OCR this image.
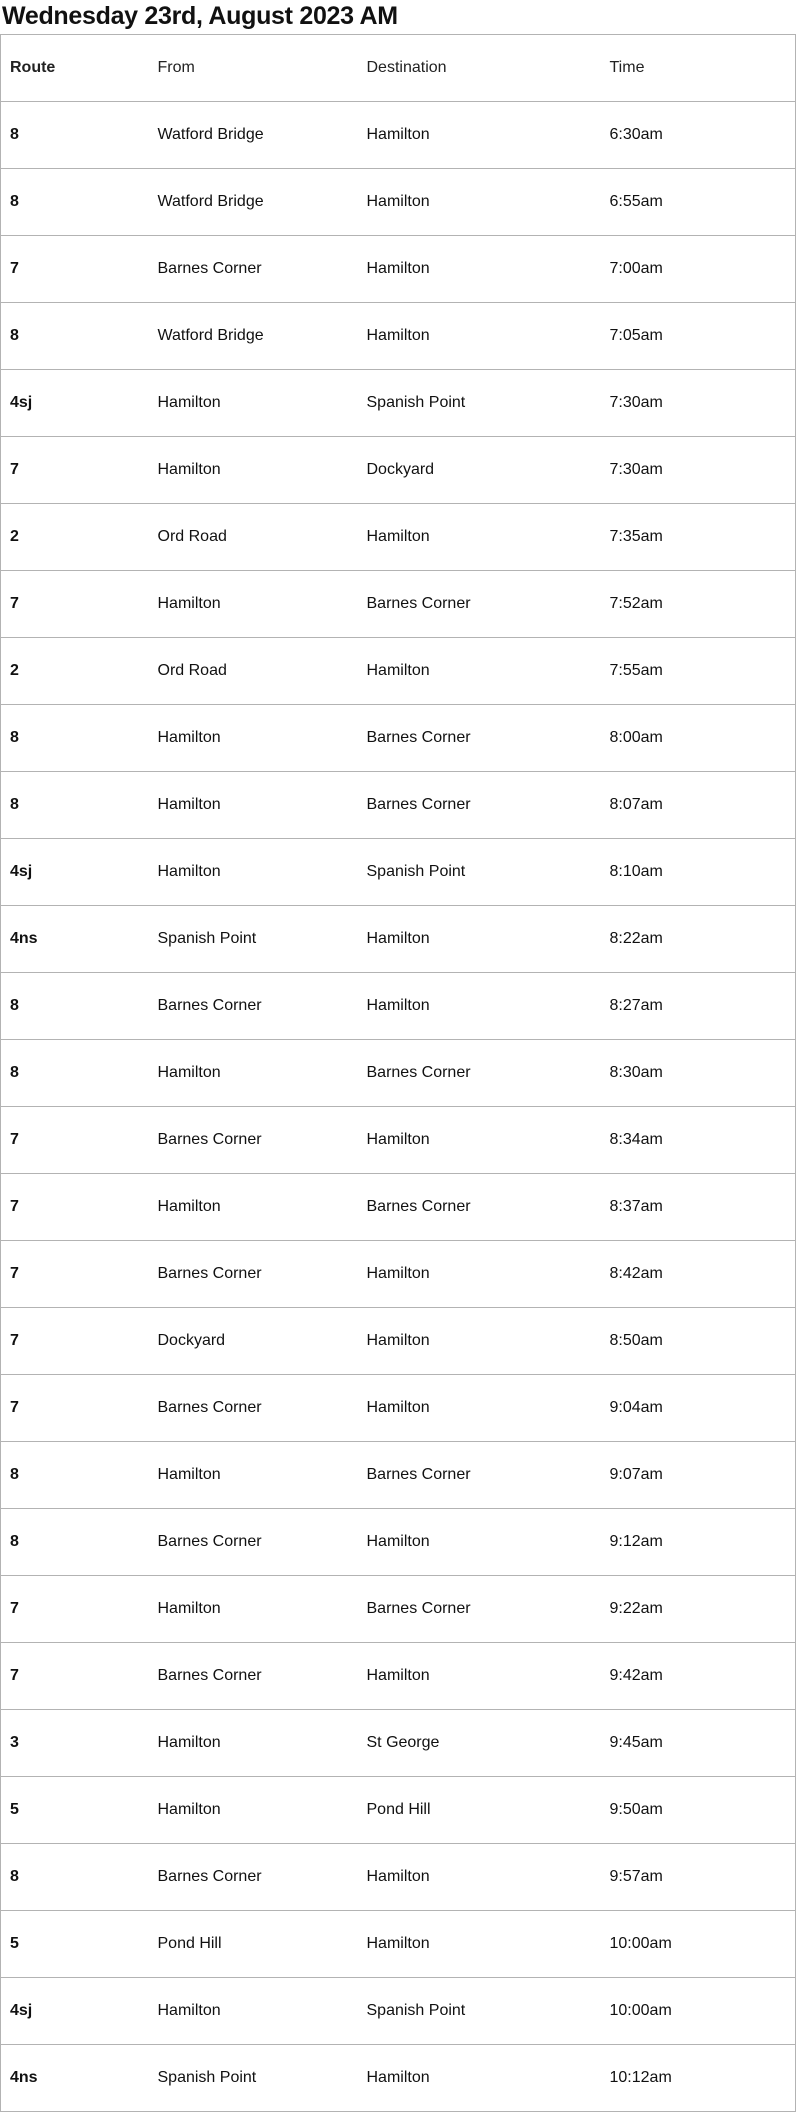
Wednesday 23rd, August 2023 AM
Route	From	Destination	Time
8	Watford Bridge	Hamilton	6:30am
8	Watford Bridge	Hamilton	6:55am
7	Barnes Corner	Hamilton	7:00am
8	Watford Bridge	Hamilton	7:05am
4sj	Hamilton	Spanish Point	7:30am
7	Hamilton	Dockyard	7:30am
2	Ord Road	Hamilton	7:35am
7	Hamilton	Barnes Corner	7:52am
2	Ord Road	Hamilton	7:55am
8	Hamilton	Barnes Corner	8:00am
8	Hamilton	Barnes Corner	8:07am
4sj	Hamilton	Spanish Point	8:10am
4ns	Spanish Point	Hamilton	8:22am
8	Barnes Corner	Hamilton	8:27am
8	Hamilton	Barnes Corner	8:30am
7	Barnes Corner	Hamilton	8:34am
7	Hamilton	Barnes Corner	8:37am
7	Barnes Corner	Hamilton	8:42am
7	Dockyard	Hamilton	8:50am
7	Barnes Corner	Hamilton	9:04am
8	Hamilton	Barnes Corner	9:07am
8	Barnes Corner	Hamilton	9:12am
7	Hamilton	Barnes Corner	9:22am
7	Barnes Corner	Hamilton	9:42am
3	Hamilton	St George	9:45am
5	Hamilton	Pond Hill	9:50am
8	Barnes Corner	Hamilton	9:57am
5	Pond Hill	Hamilton	10:00am
4sj	Hamilton	Spanish Point	10:00am
4ns	Spanish Point	Hamilton	10:12am
